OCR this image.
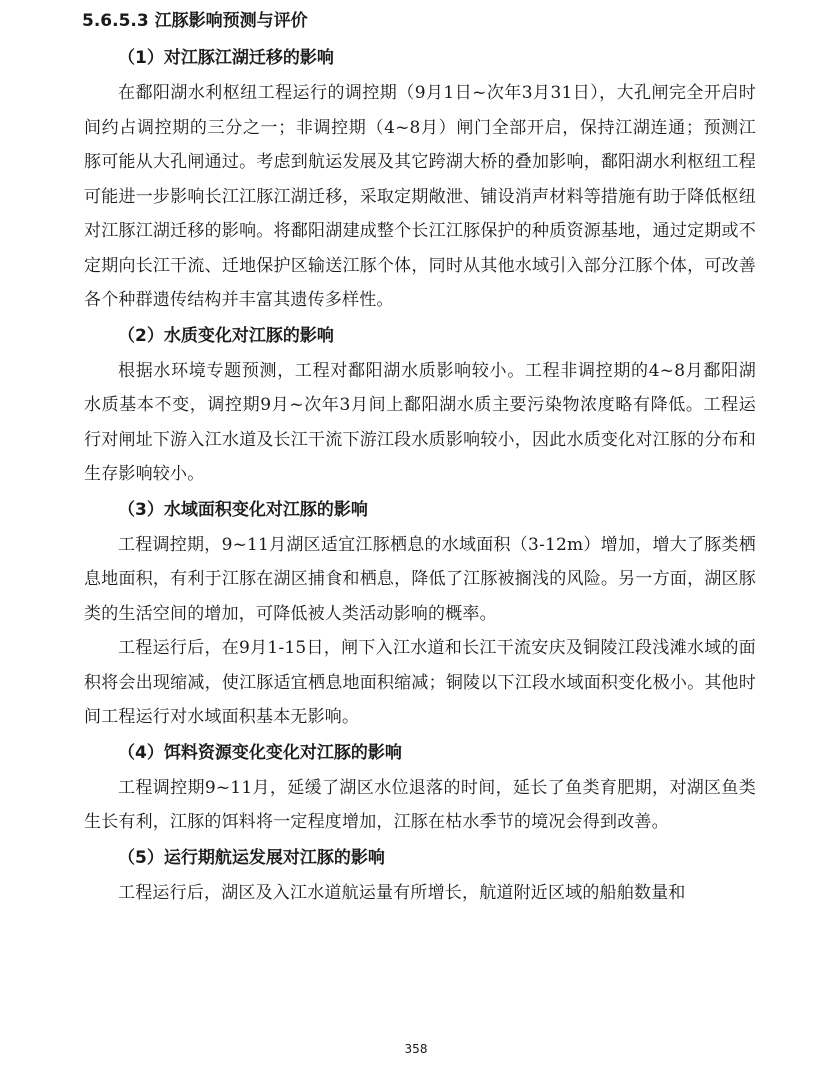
5.6.5.3 江豚影响预测与评价
（1）对江豚江湖迁移的影响

在鄱阳湖水利枢纽工程运行的调控期（9月1日~次年3月31日），大孔闸完全开启时间约占调控期的三分之一；非调控期（4~8月）闸门全部开启，保持江湖连通；预测江豚可能从大孔闸通过。考虑到航运发展及其它跨湖大桥的叠加影响，鄱阳湖水利枢纽工程可能进一步影响长江江豚江湖迁移，采取定期敞泄、铺设消声材料等措施有助于降低枢纽对江豚江湖迁移的影响。将鄱阳湖建成整个长江江豚保护的种质资源基地，通过定期或不定期向长江干流、迁地保护区输送江豚个体，同时从其他水域引入部分江豚个体，可改善各个种群遗传结构并丰富其遗传多样性。

（2）水质变化对江豚的影响

根据水环境专题预测，工程对鄱阳湖水质影响较小。工程非调控期的4~8月鄱阳湖水质基本不变，调控期9月~次年3月间上鄱阳湖水质主要污染物浓度略有降低。工程运行对闸址下游入江水道及长江干流下游江段水质影响较小，因此水质变化对江豚的分布和生存影响较小。

（3）水域面积变化对江豚的影响

工程调控期，9~11月湖区适宜江豚栖息的水域面积（3-12m）增加，增大了豚类栖息地面积，有利于江豚在湖区捕食和栖息，降低了江豚被搁浅的风险。另一方面，湖区豚类的生活空间的增加，可降低被人类活动影响的概率。

工程运行后，在9月1-15日，闸下入江水道和长江干流安庆及铜陵江段浅滩水域的面积将会出现缩减，使江豚适宜栖息地面积缩减；铜陵以下江段水域面积变化极小。其他时间工程运行对水域面积基本无影响。

（4）饵料资源变化变化对江豚的影响

工程调控期9~11月，延缓了湖区水位退落的时间，延长了鱼类育肥期，对湖区鱼类生长有利，江豚的饵料将一定程度增加，江豚在枯水季节的境况会得到改善。

（5）运行期航运发展对江豚的影响

工程运行后，湖区及入江水道航运量有所增长，航道附近区域的船舶数量和

358
